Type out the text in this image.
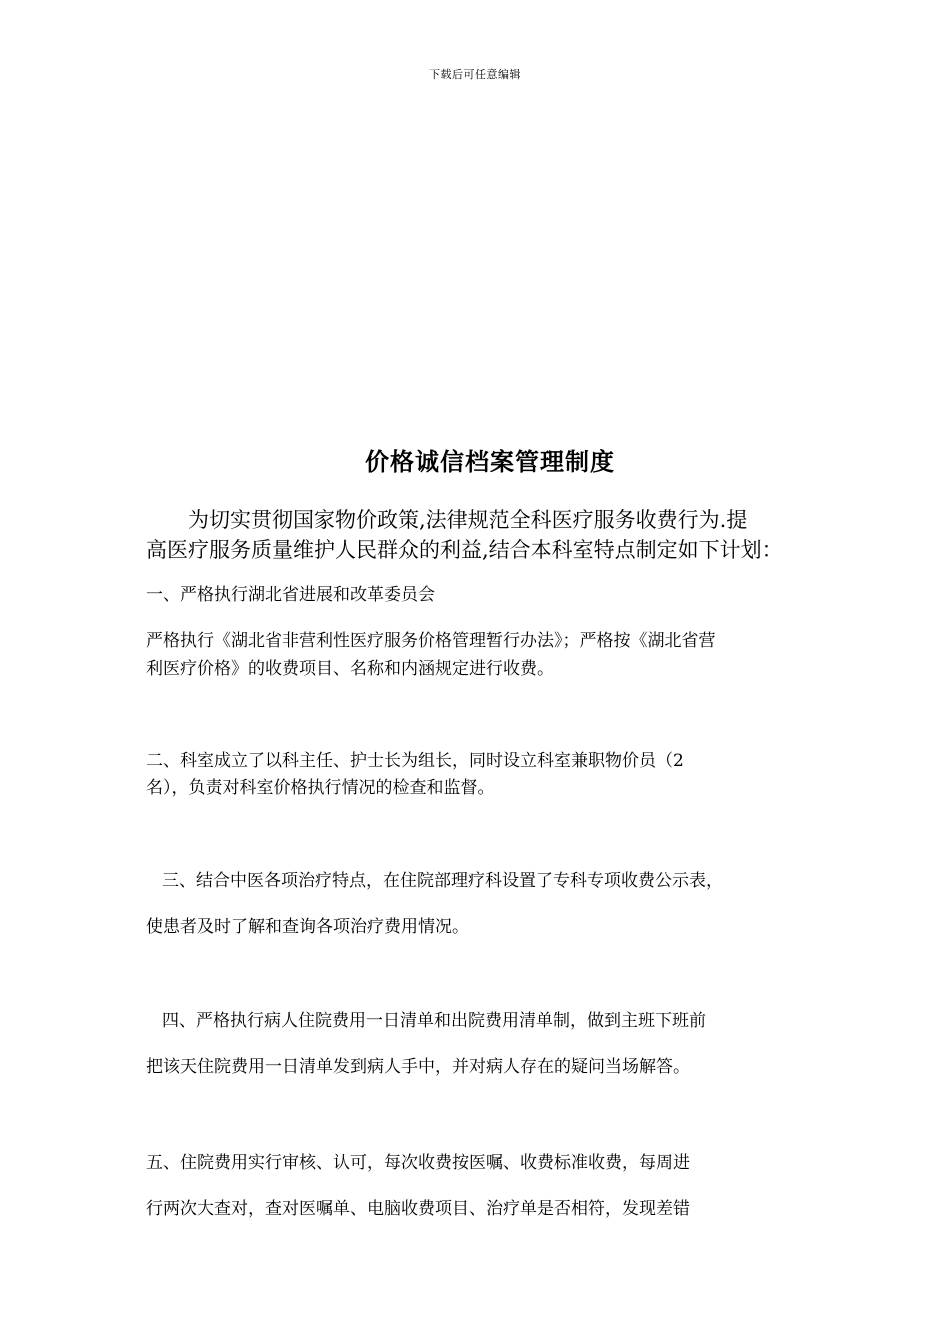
下载后可任意编辑
价格诚信档案管理制度
为切实贯彻国家物价政策,法律规范全科医疗服务收费行为.提
高医疗服务质量维护人民群众的利益,结合本科室特点制定如下计划：
一、严格执行湖北省进展和改革委员会
严格执行《湖北省非营利性医疗服务价格管理暂行办法》；严格按《湖北省营
利医疗价格》的收费项目、名称和内涵规定进行收费。
二、科室成立了以科主任、护士长为组长，同时设立科室兼职物价员（2
名），负责对科室价格执行情况的检查和监督。
三、结合中医各项治疗特点，在住院部理疗科设置了专科专项收费公示表，
使患者及时了解和查询各项治疗费用情况。
四、严格执行病人住院费用一日清单和出院费用清单制，做到主班下班前
把该天住院费用一日清单发到病人手中，并对病人存在的疑问当场解答。
五、住院费用实行审核、认可，每次收费按医嘱、收费标准收费，每周进
行两次大查对，查对医嘱单、电脑收费项目、治疗单是否相符，发现差错
